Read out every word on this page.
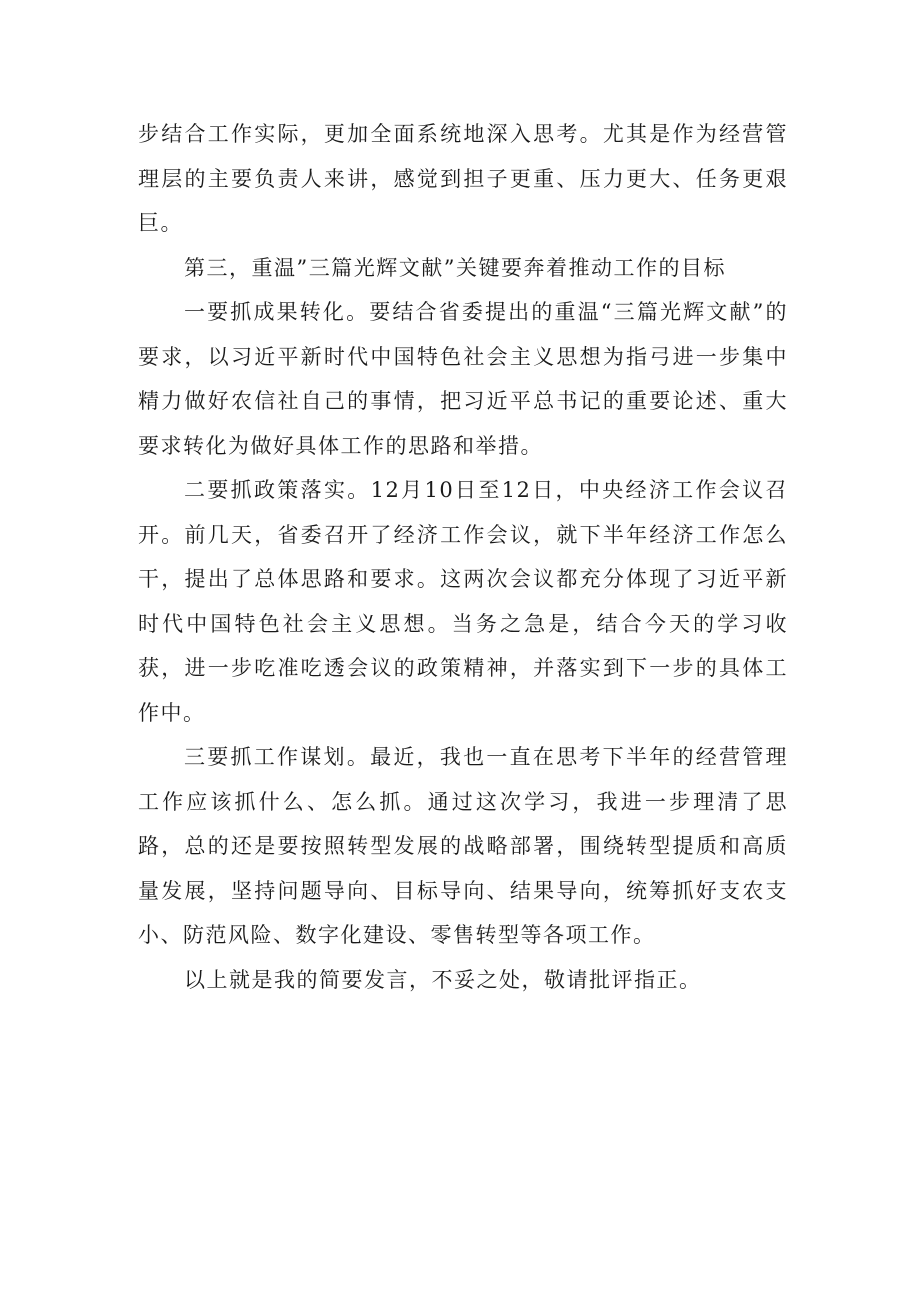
步结合工作实际，更加全面系统地深入思考。尤其是作为经营管理层的主要负责人来讲，感觉到担子更重、压力更大、任务更艰巨。

第三，重温”三篇光辉文献”关键要奔着推动工作的目标

一要抓成果转化。要结合省委提出的重温“三篇光辉文献”的要求，以习近平新时代中国特色社会主义思想为指弓进一步集中精力做好农信社自己的事情，把习近平总书记的重要论述、重大要求转化为做好具体工作的思路和举措。

二要抓政策落实。12月10日至12日，中央经济工作会议召开。前几天，省委召开了经济工作会议，就下半年经济工作怎么干，提出了总体思路和要求。这两次会议都充分体现了习近平新时代中国特色社会主义思想。当务之急是，结合今天的学习收获，进一步吃准吃透会议的政策精神，并落实到下一步的具体工作中。

三要抓工作谋划。最近，我也一直在思考下半年的经营管理工作应该抓什么、怎么抓。通过这次学习，我进一步理清了思路，总的还是要按照转型发展的战略部署，围绕转型提质和高质量发展，坚持问题导向、目标导向、结果导向，统筹抓好支农支小、防范风险、数字化建设、零售转型等各项工作。

以上就是我的简要发言，不妥之处，敬请批评指正。
